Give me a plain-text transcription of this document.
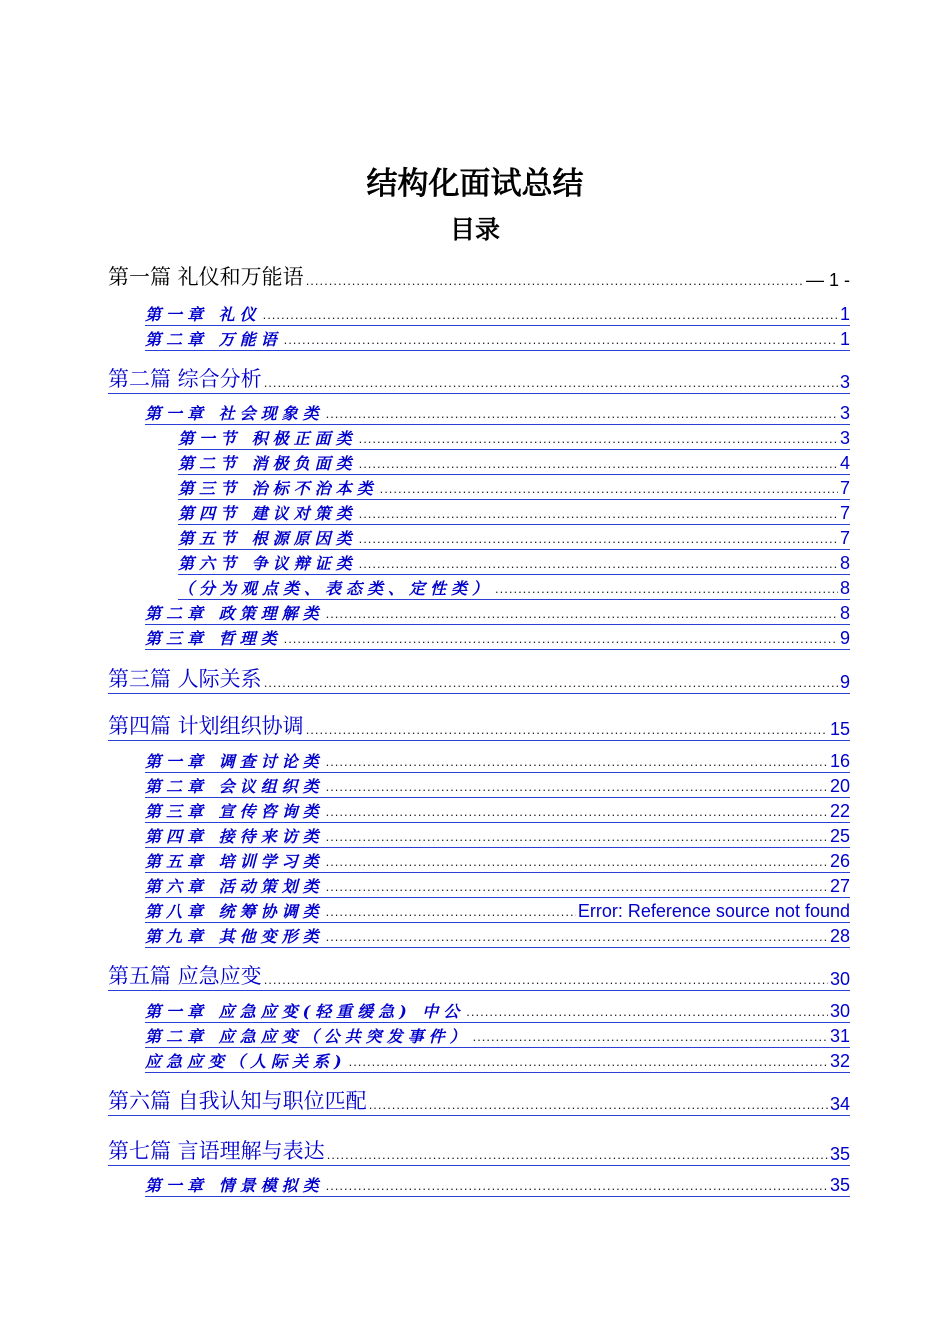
结构化面试总结
目录
第一篇 礼仪和万能语 .....	— 1 -
第一章 礼仪 .....	1
第二章 万能语 .....	1
第二篇 综合分析 .....	3
第一章 社会现象类 .....	3
第一节 积极正面类 .....	3
第二节 消极负面类 .....	4
第三节 治标不治本类 .....	7
第四节 建议对策类 .....	7
第五节 根源原因类 .....	7
第六节 争议辩证类 .....	8
（分为观点类、表态类、定性类） .....	8
第二章 政策理解类 .....	8
第三章 哲理类 .....	9
第三篇 人际关系 .....	9
第四篇 计划组织协调 .....	15
第一章 调查讨论类 .....	16
第二章 会议组织类 .....	20
第三章 宣传咨询类 .....	22
第四章 接待来访类 .....	25
第五章 培训学习类 .....	26
第六章 活动策划类 .....	27
第八章 统筹协调类 .....	Error: Reference source not found
第九章 其他变形类 .....	28
第五篇 应急应变 .....	30
第一章 应急应变(轻重缓急) 中公 .....	30
第二章 应急应变（公共突发事件） .....	31
应急应变（人际关系) .....	32
第六篇 自我认知与职位匹配 .....	34
第七篇 言语理解与表达 .....	35
第一章 情景模拟类 .....	35
